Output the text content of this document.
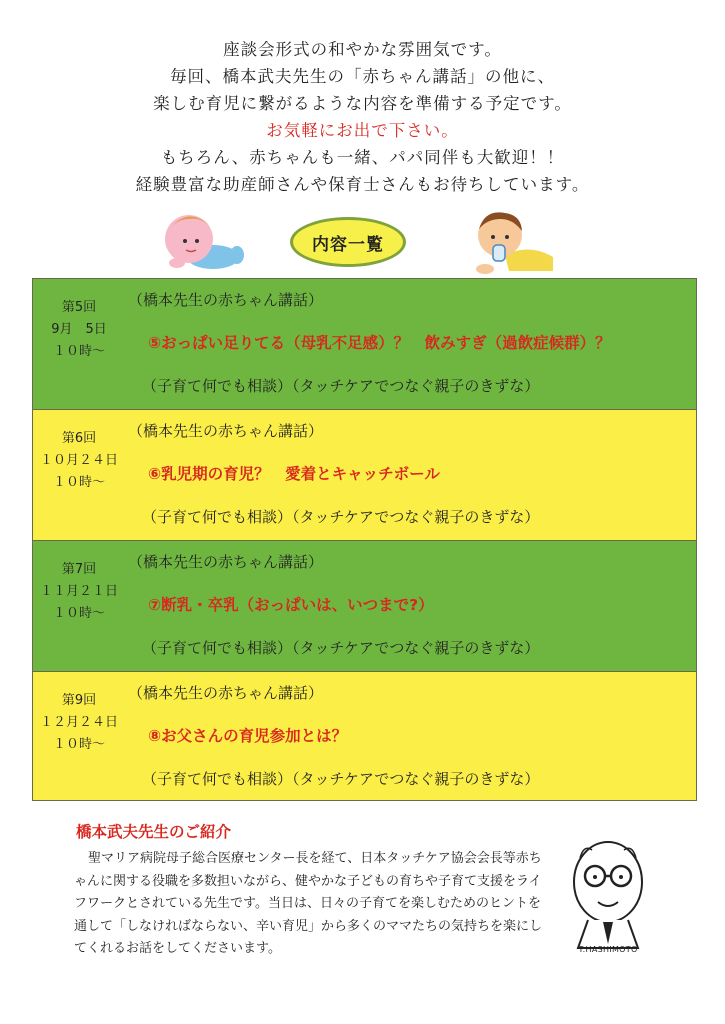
座談会形式の和やかな雰囲気です。

毎回、橋本武夫先生の「赤ちゃん講話」の他に、

楽しむ育児に繋がるような内容を準備する予定です。

お気軽にお出で下さい。

もちろん、赤ちゃんも一緒、パパ同伴も大歓迎！！

経験豊富な助産師さんや保育士さんもお待ちしています。

内容一覧
第5回
9月　5日
１０時～
（橋本先生の赤ちゃん講話）
⑤おっぱい足りてる（母乳不足感）？　飲みすぎ（過飲症候群）？
（子育て何でも相談）（タッチケアでつなぐ親子のきずな）
第6回
１０月２４日
１０時～
（橋本先生の赤ちゃん講話）
⑥乳児期の育児？　愛着とキャッチボール
（子育て何でも相談）（タッチケアでつなぐ親子のきずな）
第7回
１１月２１日
１０時～
（橋本先生の赤ちゃん講話）
⑦断乳・卒乳（おっぱいは、いつまで?）
（子育て何でも相談）（タッチケアでつなぐ親子のきずな）
第9回
１２月２４日
１０時～
（橋本先生の赤ちゃん講話）
⑧お父さんの育児参加とは？
（子育て何でも相談）（タッチケアでつなぐ親子のきずな）
橋本武夫先生のご紹介

聖マリア病院母子総合医療センター長を経て、日本タッチケア協会会長等赤ちゃんに関する役職を多数担いながら、健やかな子どもの育ちや子育て支援をライフワークとされている先生です。当日は、日々の子育てを楽しむためのヒントを通して「しなければならない、辛い育児」から多くのママたちの気持ちを楽にしてくれるお話をしてくださいます。	T.HASHIMOTO
